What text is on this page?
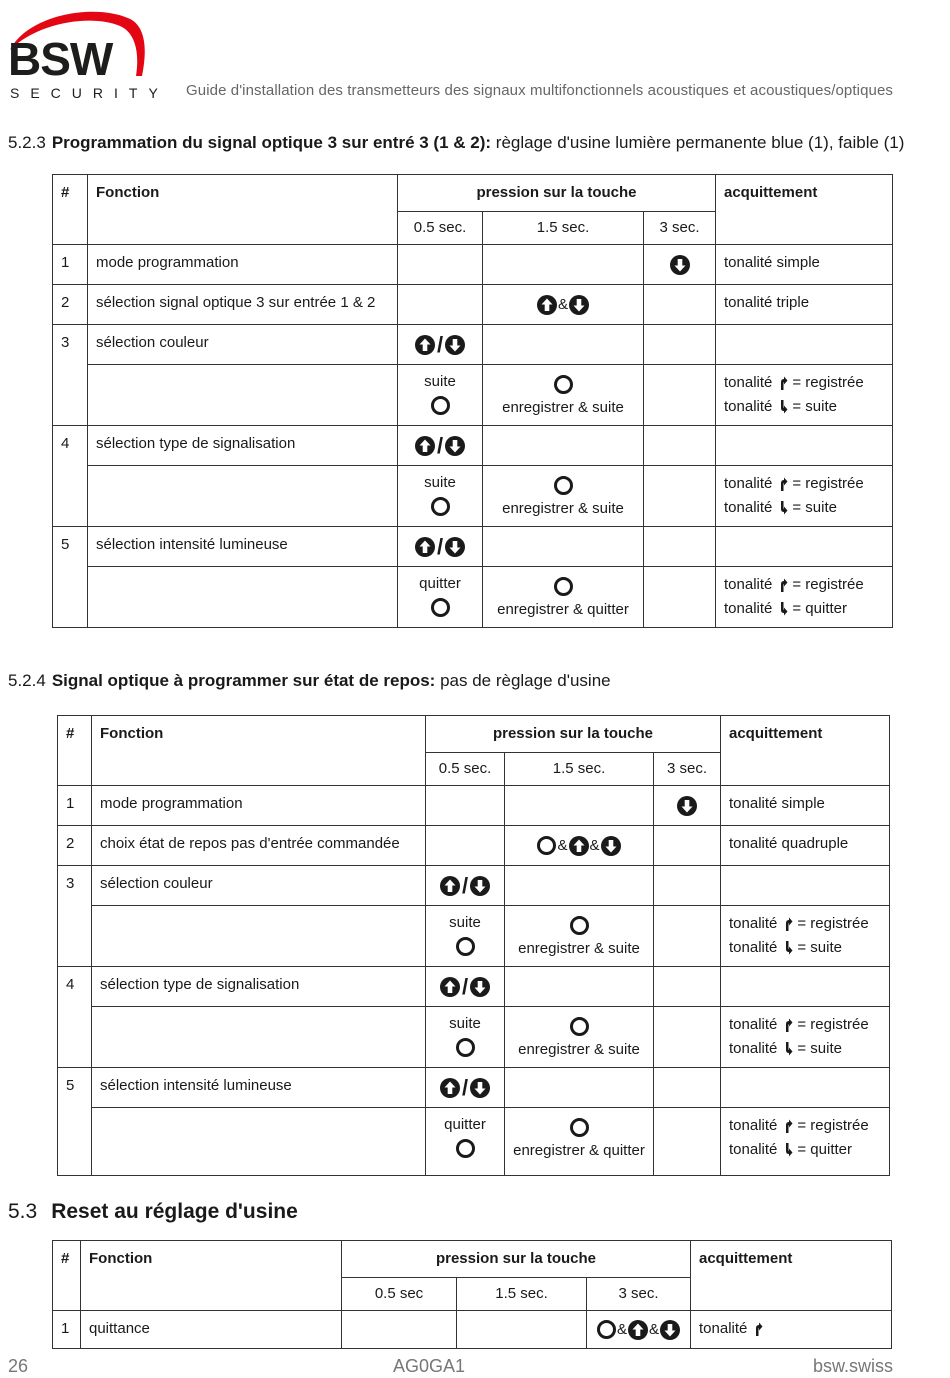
BSW
SECURITY Guide d'installation des transmetteurs des signaux multifonctionnels acoustiques et acoustiques/optiques
5.2.3 Programmation du signal optique 3 sur entré 3 (1 & 2): règlage d'usine lumière permanente blue (1), faible (1)
#	Fonction	pression sur la touche			acquittement
		0.5 sec.	1.5 sec.	3 sec.	
1	mode programmation				tonalité simple
2	sélection signal optique 3 sur entrée 1 & 2		&		tonalité triple
3	sélection couleur	/			

		suite	enregistrer & suite		tonalité = registrée
tonalité = suite
4	sélection type de signalisation	/			

		suite	enregistrer & suite		tonalité = registrée
tonalité = suite
5	sélection intensité lumineuse	/			

		quitter	enregistrer & quitter		tonalité = registrée
tonalité = quitter
5.2.4 Signal optique à programmer sur état de repos: pas de règlage d'usine
#	Fonction	pression sur la touche			acquittement
		0.5 sec.	1.5 sec.	3 sec.	
1	mode programmation				tonalité simple
2	choix état de repos pas d'entrée commandée		& &		tonalité quadruple
3	sélection couleur	/			

		suite	enregistrer & suite		tonalité = registrée
tonalité = suite
4	sélection type de signalisation	/			

		suite	enregistrer & suite		tonalité = registrée
tonalité = suite
5	sélection intensité lumineuse	/			

		quitter	enregistrer & quitter		tonalité = registrée
tonalité = quitter
5.3 Reset au réglage d'usine
#	Fonction	pression sur la touche			acquittement
		0.5 sec	1.5 sec.	3 sec.	
1	quittance			& &	tonalité
26	AG0GA1	bsw.swiss
